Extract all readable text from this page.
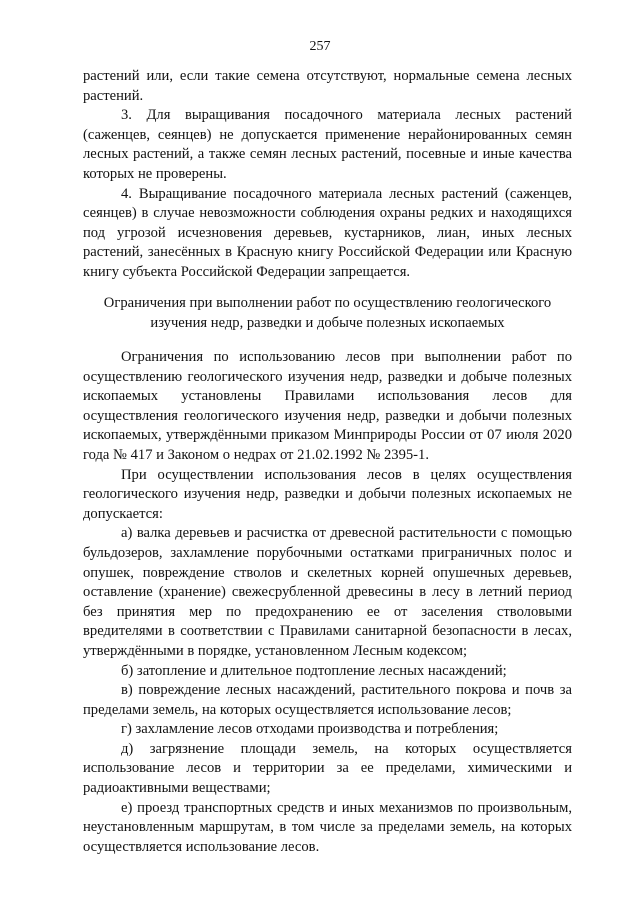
257

растений или, если такие семена отсутствуют, нормальные семена лесных растений.

3. Для выращивания посадочного материала лесных растений (саженцев, сеянцев) не допускается применение нерайонированных семян лесных растений, а также семян лесных растений, посевные и иные качества которых не проверены.

4. Выращивание посадочного материала лесных растений (саженцев, сеянцев) в случае невозможности соблюдения охраны редких и находящихся под угрозой исчезновения деревьев, кустарников, лиан, иных лесных растений, занесённых в Красную книгу Российской Федерации или Красную книгу субъекта Российской Федерации запрещается.

Ограничения при выполнении работ по осуществлению геологического
изучения недр, разведки и добыче полезных ископаемых

Ограничения по использованию лесов при выполнении работ по осуществлению геологического изучения недр, разведки и добыче полезных ископаемых установлены Правилами использования лесов для осуществления геологического изучения недр, разведки и добычи полезных ископаемых, утверждёнными приказом Минприроды России от 07 июля 2020 года № 417 и Законом о недрах от 21.02.1992 № 2395-1.

При осуществлении использования лесов в целях осуществления геологического изучения недр, разведки и добычи полезных ископаемых не допускается:

а) валка деревьев и расчистка от древесной растительности с помощью бульдозеров, захламление порубочными остатками приграничных полос и опушек, повреждение стволов и скелетных корней опушечных деревьев, оставление (хранение) свежесрубленной древесины в лесу в летний период без принятия мер по предохранению ее от заселения стволовыми вредителями в соответствии с Правилами санитарной безопасности в лесах, утверждёнными в порядке, установленном Лесным кодексом;

б) затопление и длительное подтопление лесных насаждений;

в) повреждение лесных насаждений, растительного покрова и почв за пределами земель, на которых осуществляется использование лесов;

г) захламление лесов отходами производства и потребления;

д) загрязнение площади земель, на которых осуществляется использование лесов и территории за ее пределами, химическими и радиоактивными веществами;

е) проезд транспортных средств и иных механизмов по произвольным, неустановленным маршрутам, в том числе за пределами земель, на которых осуществляется использование лесов.
